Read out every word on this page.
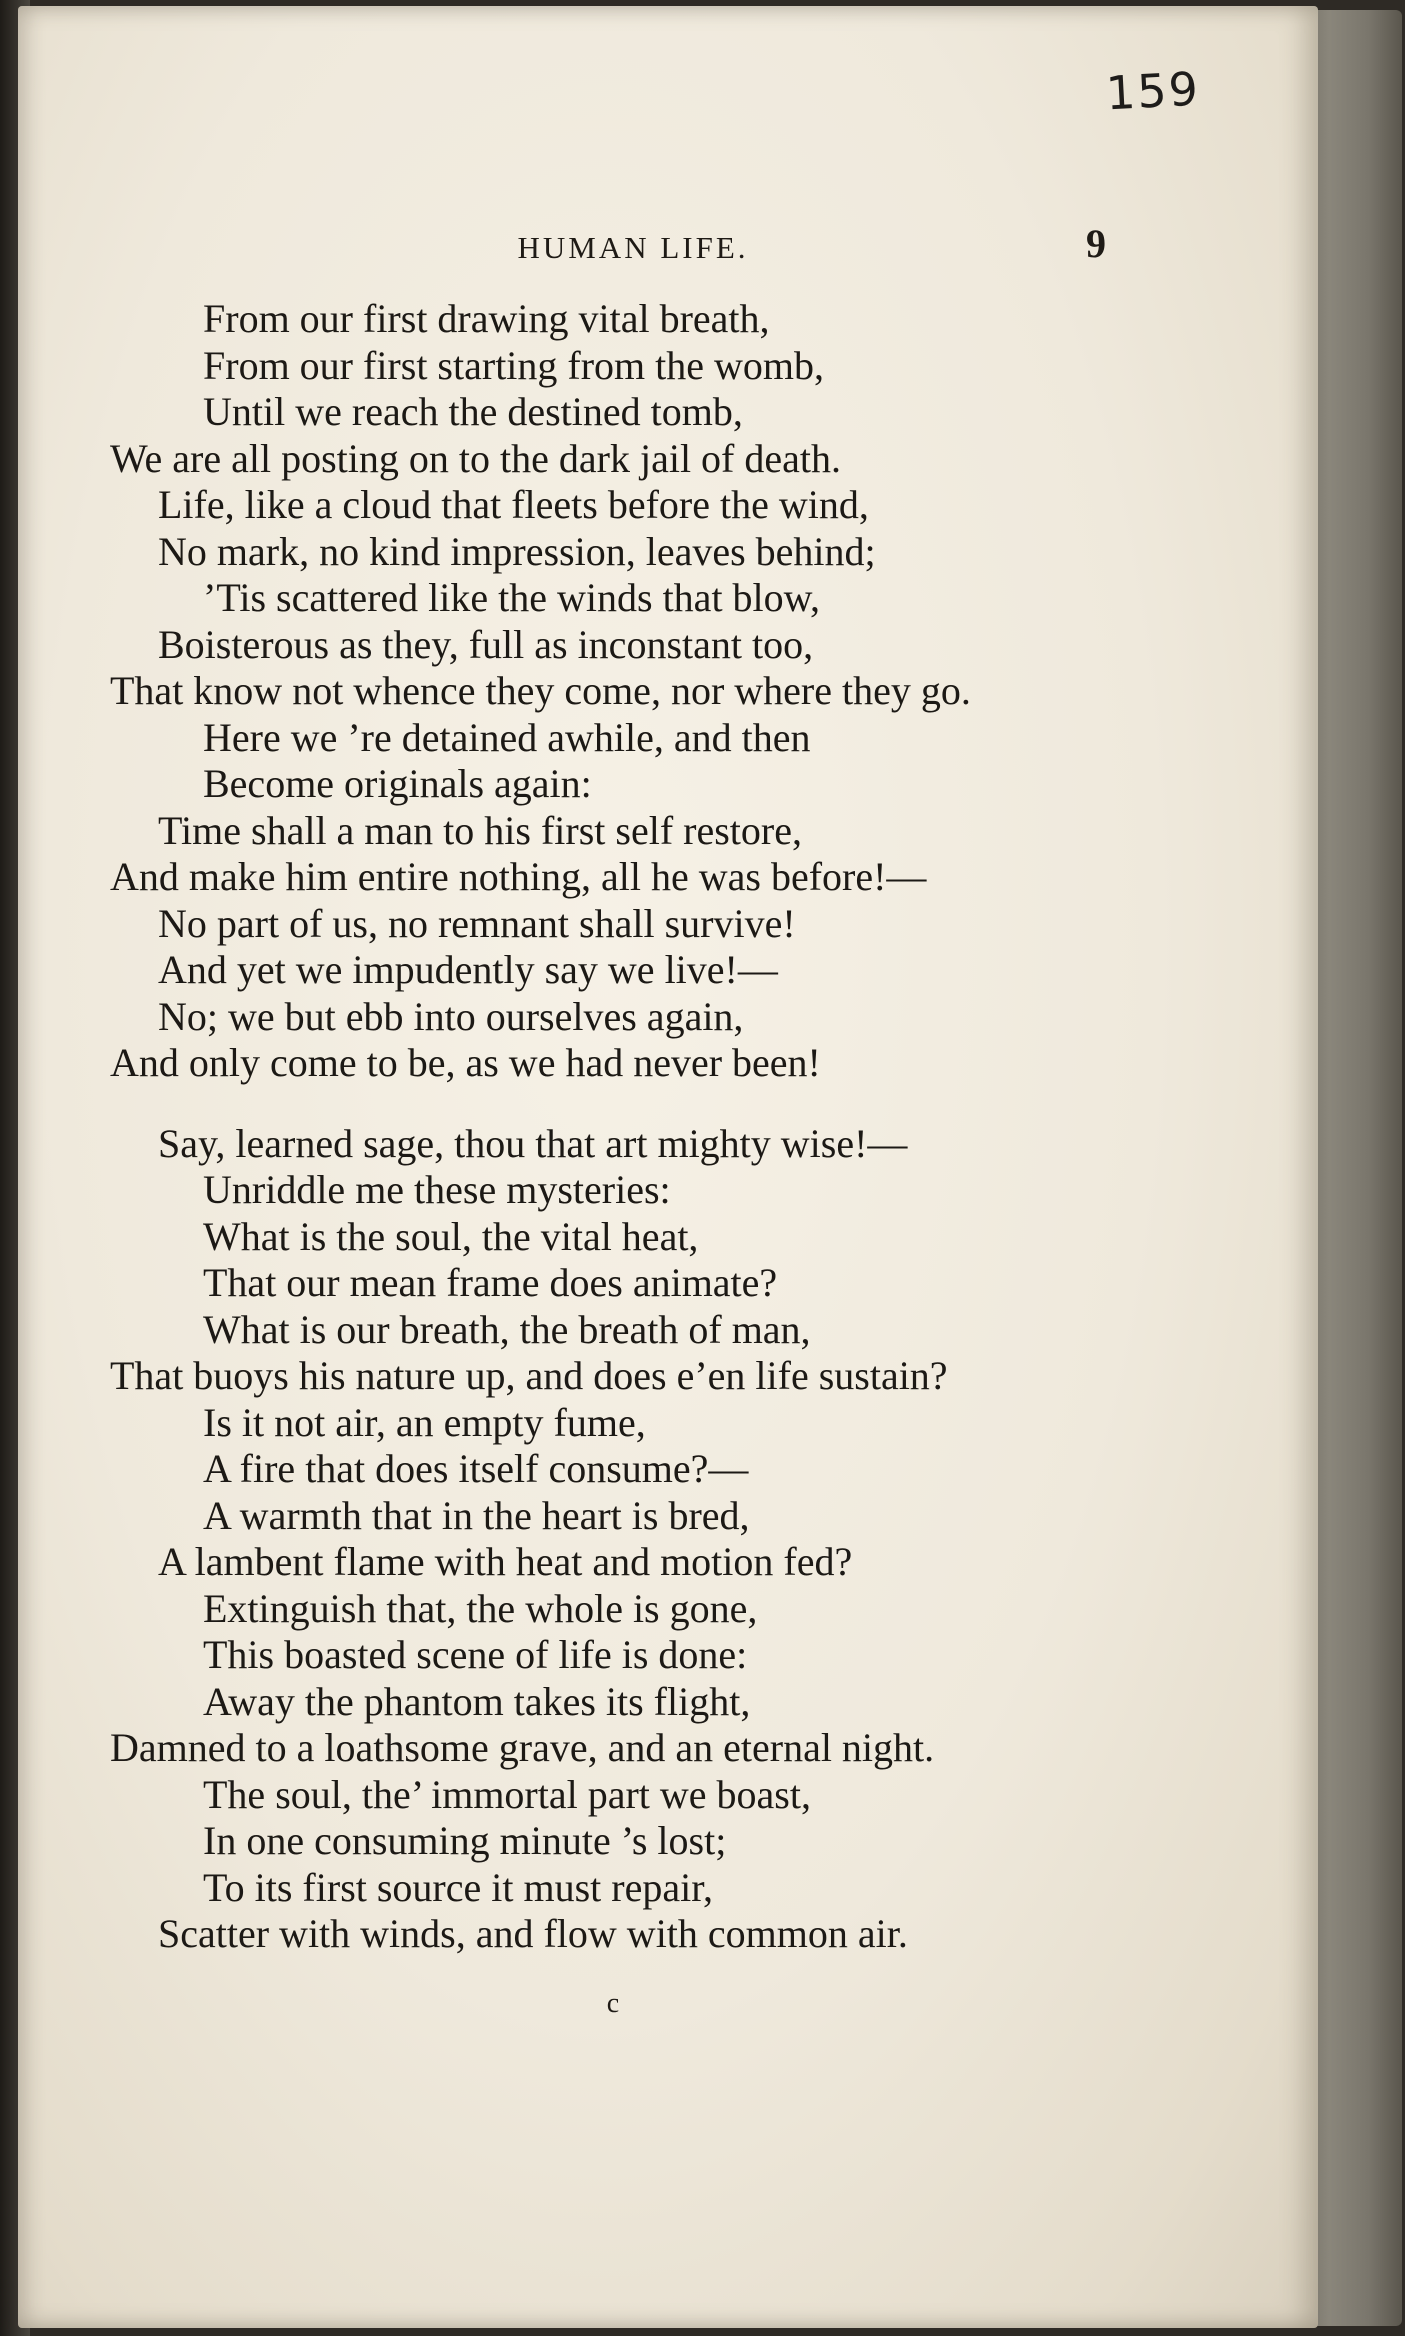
159
HUMAN LIFE.	9
From our first drawing vital breath,
From our first starting from the womb,
Until we reach the destined tomb,
We are all posting on to the dark jail of death.
Life, like a cloud that fleets before the wind,
No mark, no kind impression, leaves behind;
’Tis scattered like the winds that blow,
Boisterous as they, full as inconstant too,
That know not whence they come, nor where they go.
Here we ’re detained awhile, and then
Become originals again:
Time shall a man to his first self restore,
And make him entire nothing, all he was before!—
No part of us, no remnant shall survive!
And yet we impudently say we live!—
No; we but ebb into ourselves again,
And only come to be, as we had never been!
Say, learned sage, thou that art mighty wise!—
Unriddle me these mysteries:
What is the soul, the vital heat,
That our mean frame does animate?
What is our breath, the breath of man,
That buoys his nature up, and does e’en life sustain?
Is it not air, an empty fume,
A fire that does itself consume?—
A warmth that in the heart is bred,
A lambent flame with heat and motion fed?
Extinguish that, the whole is gone,
This boasted scene of life is done:
Away the phantom takes its flight,
Damned to a loathsome grave, and an eternal night.
The soul, the’ immortal part we boast,
In one consuming minute ’s lost;
To its first source it must repair,
Scatter with winds, and flow with common air.
c
